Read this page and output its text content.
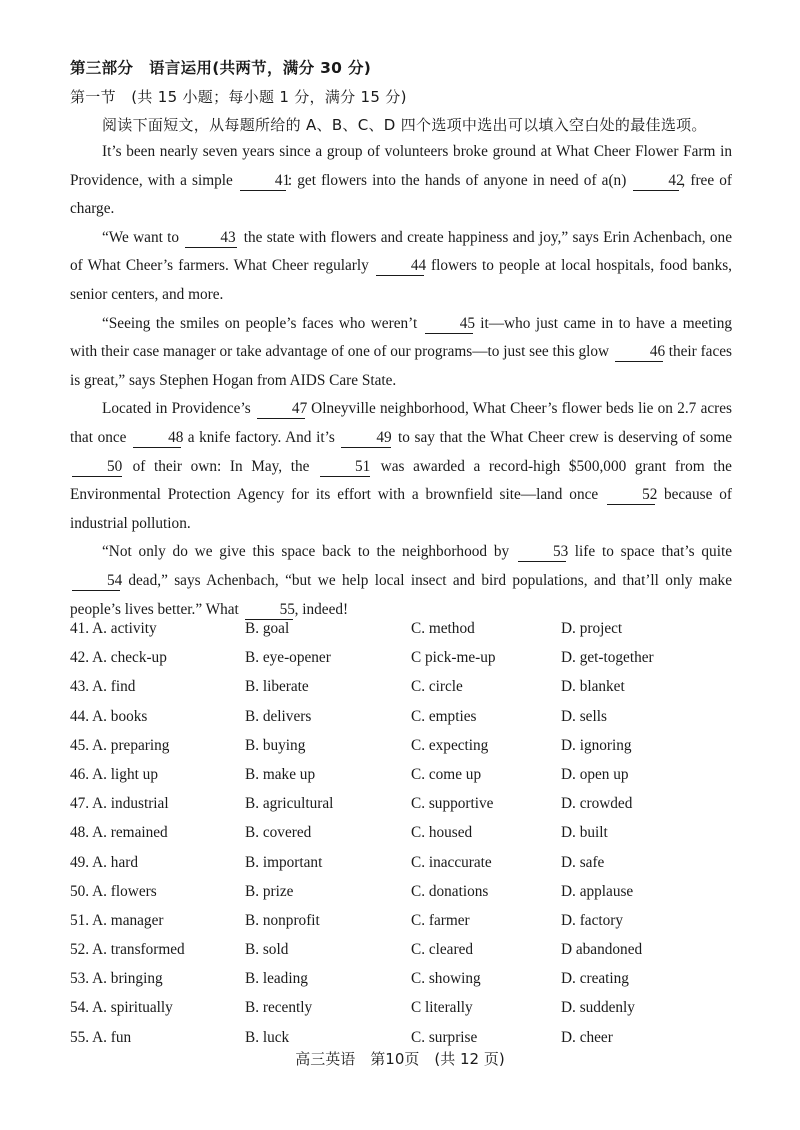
第三部分　语言运用(共两节，满分 30 分)
第一节　(共 15 小题；每小题 1 分，满分 15 分)
阅读下面短文，从每题所给的 A、B、C、D 四个选项中选出可以填入空白处的最佳选项。

It’s been nearly seven years since a group of volunteers broke ground at What Cheer Flower Farm in Providence, with a simple 41: get flowers into the hands of anyone in need of a(n) 42, free of charge.

“We want to 43 the state with flowers and create happiness and joy,” says Erin Achenbach, one of What Cheer’s farmers. What Cheer regularly 44 flowers to people at local hospitals, food banks, senior centers, and more.

“Seeing the smiles on people’s faces who weren’t 45 it—who just came in to have a meeting with their case manager or take advantage of one of our programs—to just see this glow 46 their faces is great,” says Stephen Hogan from AIDS Care State.

Located in Providence’s 47 Olneyville neighborhood, What Cheer’s flower beds lie on 2.7 acres that once 48 a knife factory. And it’s 49 to say that the What Cheer crew is deserving of some 50 of their own: In May, the 51 was awarded a record-high $500,000 grant from the Environmental Protection Agency for its effort with a brownfield site—land once 52 because of industrial pollution.

“Not only do we give this space back to the neighborhood by 53 life to space that’s quite 54 dead,” says Achenbach, “but we help local insect and bird populations, and that’ll only make people’s lives better.” What 55, indeed!

41. A. activity	B. goal	C. method	D. project
42. A. check-up	B. eye-opener	C pick-me-up	D. get-together
43. A. find	B. liberate	C. circle	D. blanket
44. A. books	B. delivers	C. empties	D. sells
45. A. preparing	B. buying	C. expecting	D. ignoring
46. A. light up	B. make up	C. come up	D. open up
47. A. industrial	B. agricultural	C. supportive	D. crowded
48. A. remained	B. covered	C. housed	D. built
49. A. hard	B. important	C. inaccurate	D. safe
50. A. flowers	B. prize	C. donations	D. applause
51. A. manager	B. nonprofit	C. farmer	D. factory
52. A. transformed	B. sold	C. cleared	D abandoned
53. A. bringing	B. leading	C. showing	D. creating
54. A. spiritually	B. recently	C literally	D. suddenly
55. A. fun	B. luck	C. surprise	D. cheer
高三英语　第10页　(共 12 页)
